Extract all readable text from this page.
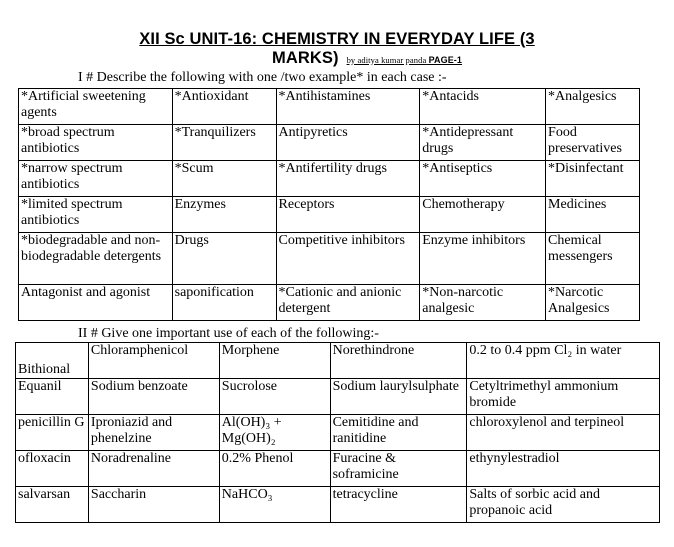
XII Sc UNIT-16: CHEMISTRY IN EVERYDAY LIFE (3
MARKS) by aditya kumar panda PAGE-1
I # Describe the following with one /two example* in each case :-
*Artificial sweetening agents	*Antioxidant	*Antihistamines	*Antacids	*Analgesics
*broad spectrum antibiotics	*Tranquilizers	Antipyretics	*Antidepressant drugs	Food preservatives
*narrow spectrum antibiotics	*Scum	*Antifertility drugs	*Antiseptics	*Disinfectant
*limited spectrum antibiotics	Enzymes	Receptors	Chemotherapy	Medicines
*biodegradable and non-biodegradable detergents	Drugs	Competitive inhibitors	Enzyme inhibitors	Chemical messengers
Antagonist and agonist	saponification	*Cationic and anionic detergent	*Non-narcotic analgesic	*Narcotic Analgesics
II # Give one important use of each of the following:-
Bithional	Chloramphenicol	Morphene	Norethindrone	0.2 to 0.4 ppm Cl₂ in water
Equanil	Sodium benzoate	Sucrolose	Sodium laurylsulphate	Cetyltrimethyl ammonium bromide
penicillin G	Iproniazid and phenelzine	Al(OH)₃ + Mg(OH)₂	Cemitidine and ranitidine	chloroxylenol and terpineol
ofloxacin	Noradrenaline	0.2% Phenol	Furacine & soframicine	ethynylestradiol
salvarsan	Saccharin	NaHCO₃	tetracycline	Salts of sorbic acid and propanoic acid
